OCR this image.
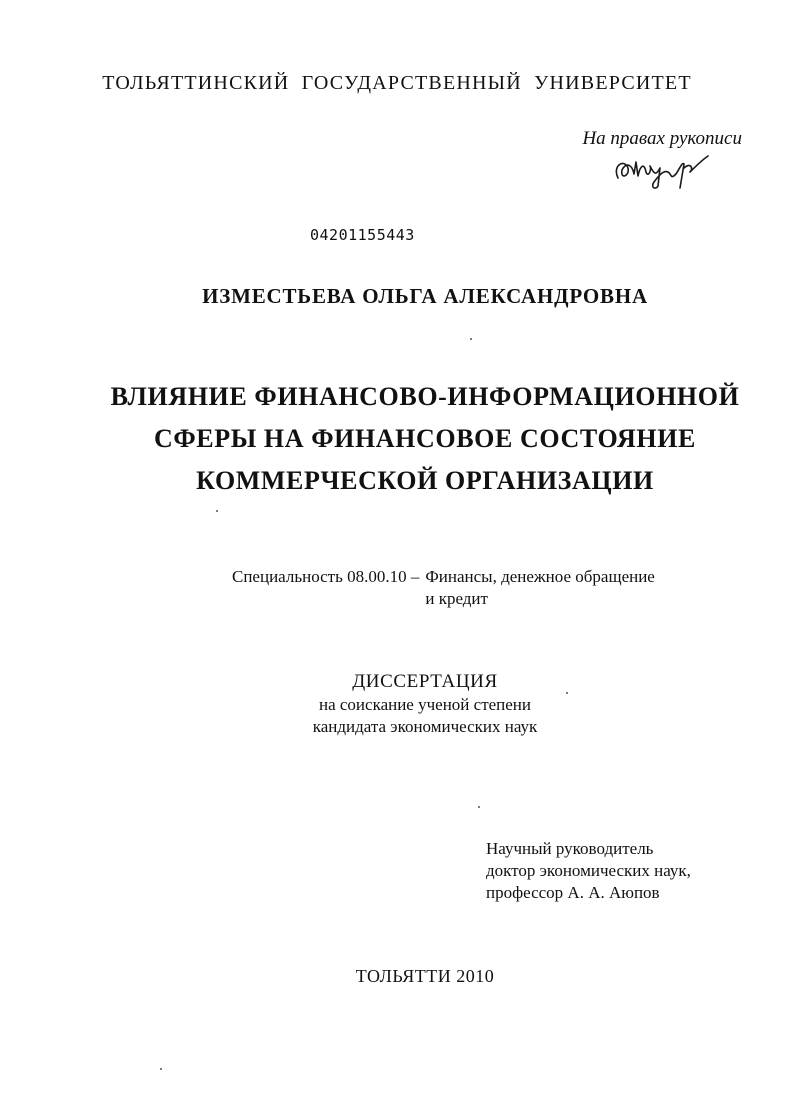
ТОЛЬЯТТИНСКИЙ ГОСУДАРСТВЕННЫЙ УНИВЕРСИТЕТ
На правах рукописи
04201155443
ИЗМЕСТЬЕВА ОЛЬГА АЛЕКСАНДРОВНА
ВЛИЯНИЕ ФИНАНСОВО-ИНФОРМАЦИОННОЙ
СФЕРЫ НА ФИНАНСОВОЕ СОСТОЯНИЕ
КОММЕРЧЕСКОЙ ОРГАНИЗАЦИИ
Специальность 08.00.10 – Финансы, денежное обращение
и кредит
ДИССЕРТАЦИЯ
на соискание ученой степени
кандидата экономических наук
Научный руководитель
доктор экономических наук,
профессор А. А. Аюпов
ТОЛЬЯТТИ 2010
